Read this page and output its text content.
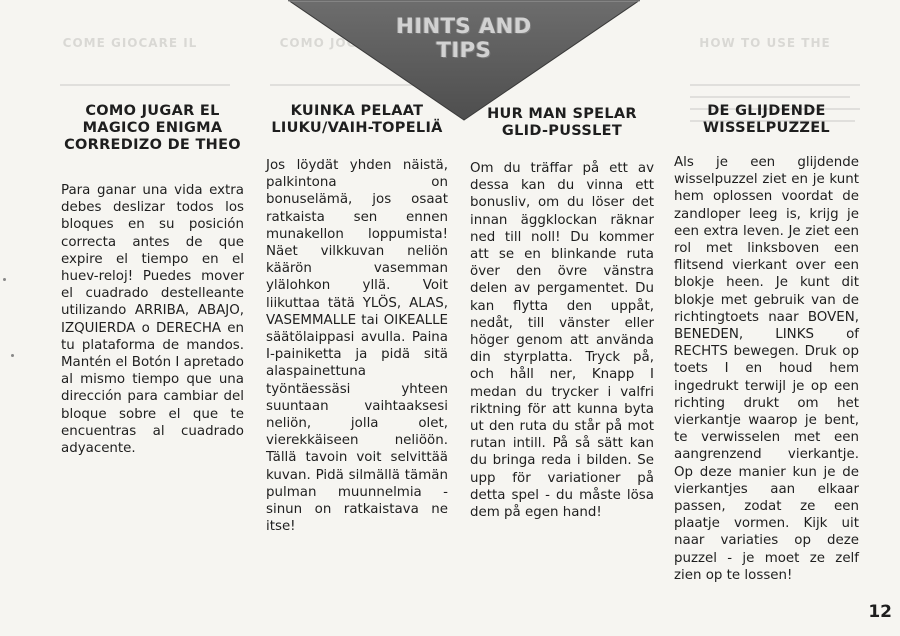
COME GIOCARE IL	COMO JOGAR O	HOW TO USE THE
HINTS AND TIPS
COMO JUGAR EL MAGICO ENIGMA CORREDIZO DE THEO

Para ganar una vida extra debes deslizar todos los bloques en su posición correcta antes de que expire el tiempo en el huev-reloj! Puedes mover el cuadrado destelleante utilizando ARRIBA, ABAJO, IZQUIERDA o DERECHA en tu plataforma de mandos. Mantén el Botón I apretado al mismo tiempo que una dirección para cambiar del bloque sobre el que te encuentras al cuadrado adyacente.

KUINKA PELAAT LIUKU/VAIH-TOPELIÄ

Jos löydät yhden näistä, palkintona on bonuselämä, jos osaat ratkaista sen ennen munakellon loppumista! Näet vilkkuvan neliön käärön vasemman ylälohkon yllä. Voit liikuttaa tätä YLÖS, ALAS, VASEMMALLE tai OIKEALLE säätölaippasi avulla. Paina I-painiketta ja pidä sitä alaspainettuna työntäessäsi yhteen suuntaan vaihtaaksesi neliön, jolla olet, vierekkäiseen neliöön. Tällä tavoin voit selvittää kuvan. Pidä silmällä tämän pulman muunnelmia - sinun on ratkaistava ne itse!

HUR MAN SPELAR GLID-PUSSLET

Om du träffar på ett av dessa kan du vinna ett bonusliv, om du löser det innan äggklockan räknar ned till noll! Du kommer att se en blinkande ruta över den övre vänstra delen av pergamentet. Du kan flytta den uppåt, nedåt, till vänster eller höger genom att använda din styrplatta. Tryck på, och håll ner, Knapp I medan du trycker i valfri riktning för att kunna byta ut den ruta du står på mot rutan intill. På så sätt kan du bringa reda i bilden. Se upp för variationer på detta spel - du måste lösa dem på egen hand!

DE GLIJDENDE WISSELPUZZEL

Als je een glijdende wisselpuzzel ziet en je kunt hem oplossen voordat de zandloper leeg is, krijg je een extra leven. Je ziet een rol met linksboven een flitsend vierkant over een blokje heen. Je kunt dit blokje met gebruik van de richtingtoets naar BOVEN, BENEDEN, LINKS of RECHTS bewegen. Druk op toets I en houd hem ingedrukt terwijl je op een richting drukt om het vierkantje waarop je bent, te verwisselen met een aangrenzend vierkantje. Op deze manier kun je de vierkantjes aan elkaar passen, zodat ze een plaatje vormen. Kijk uit naar variaties op deze puzzel - je moet ze zelf zien op te lossen!

12
